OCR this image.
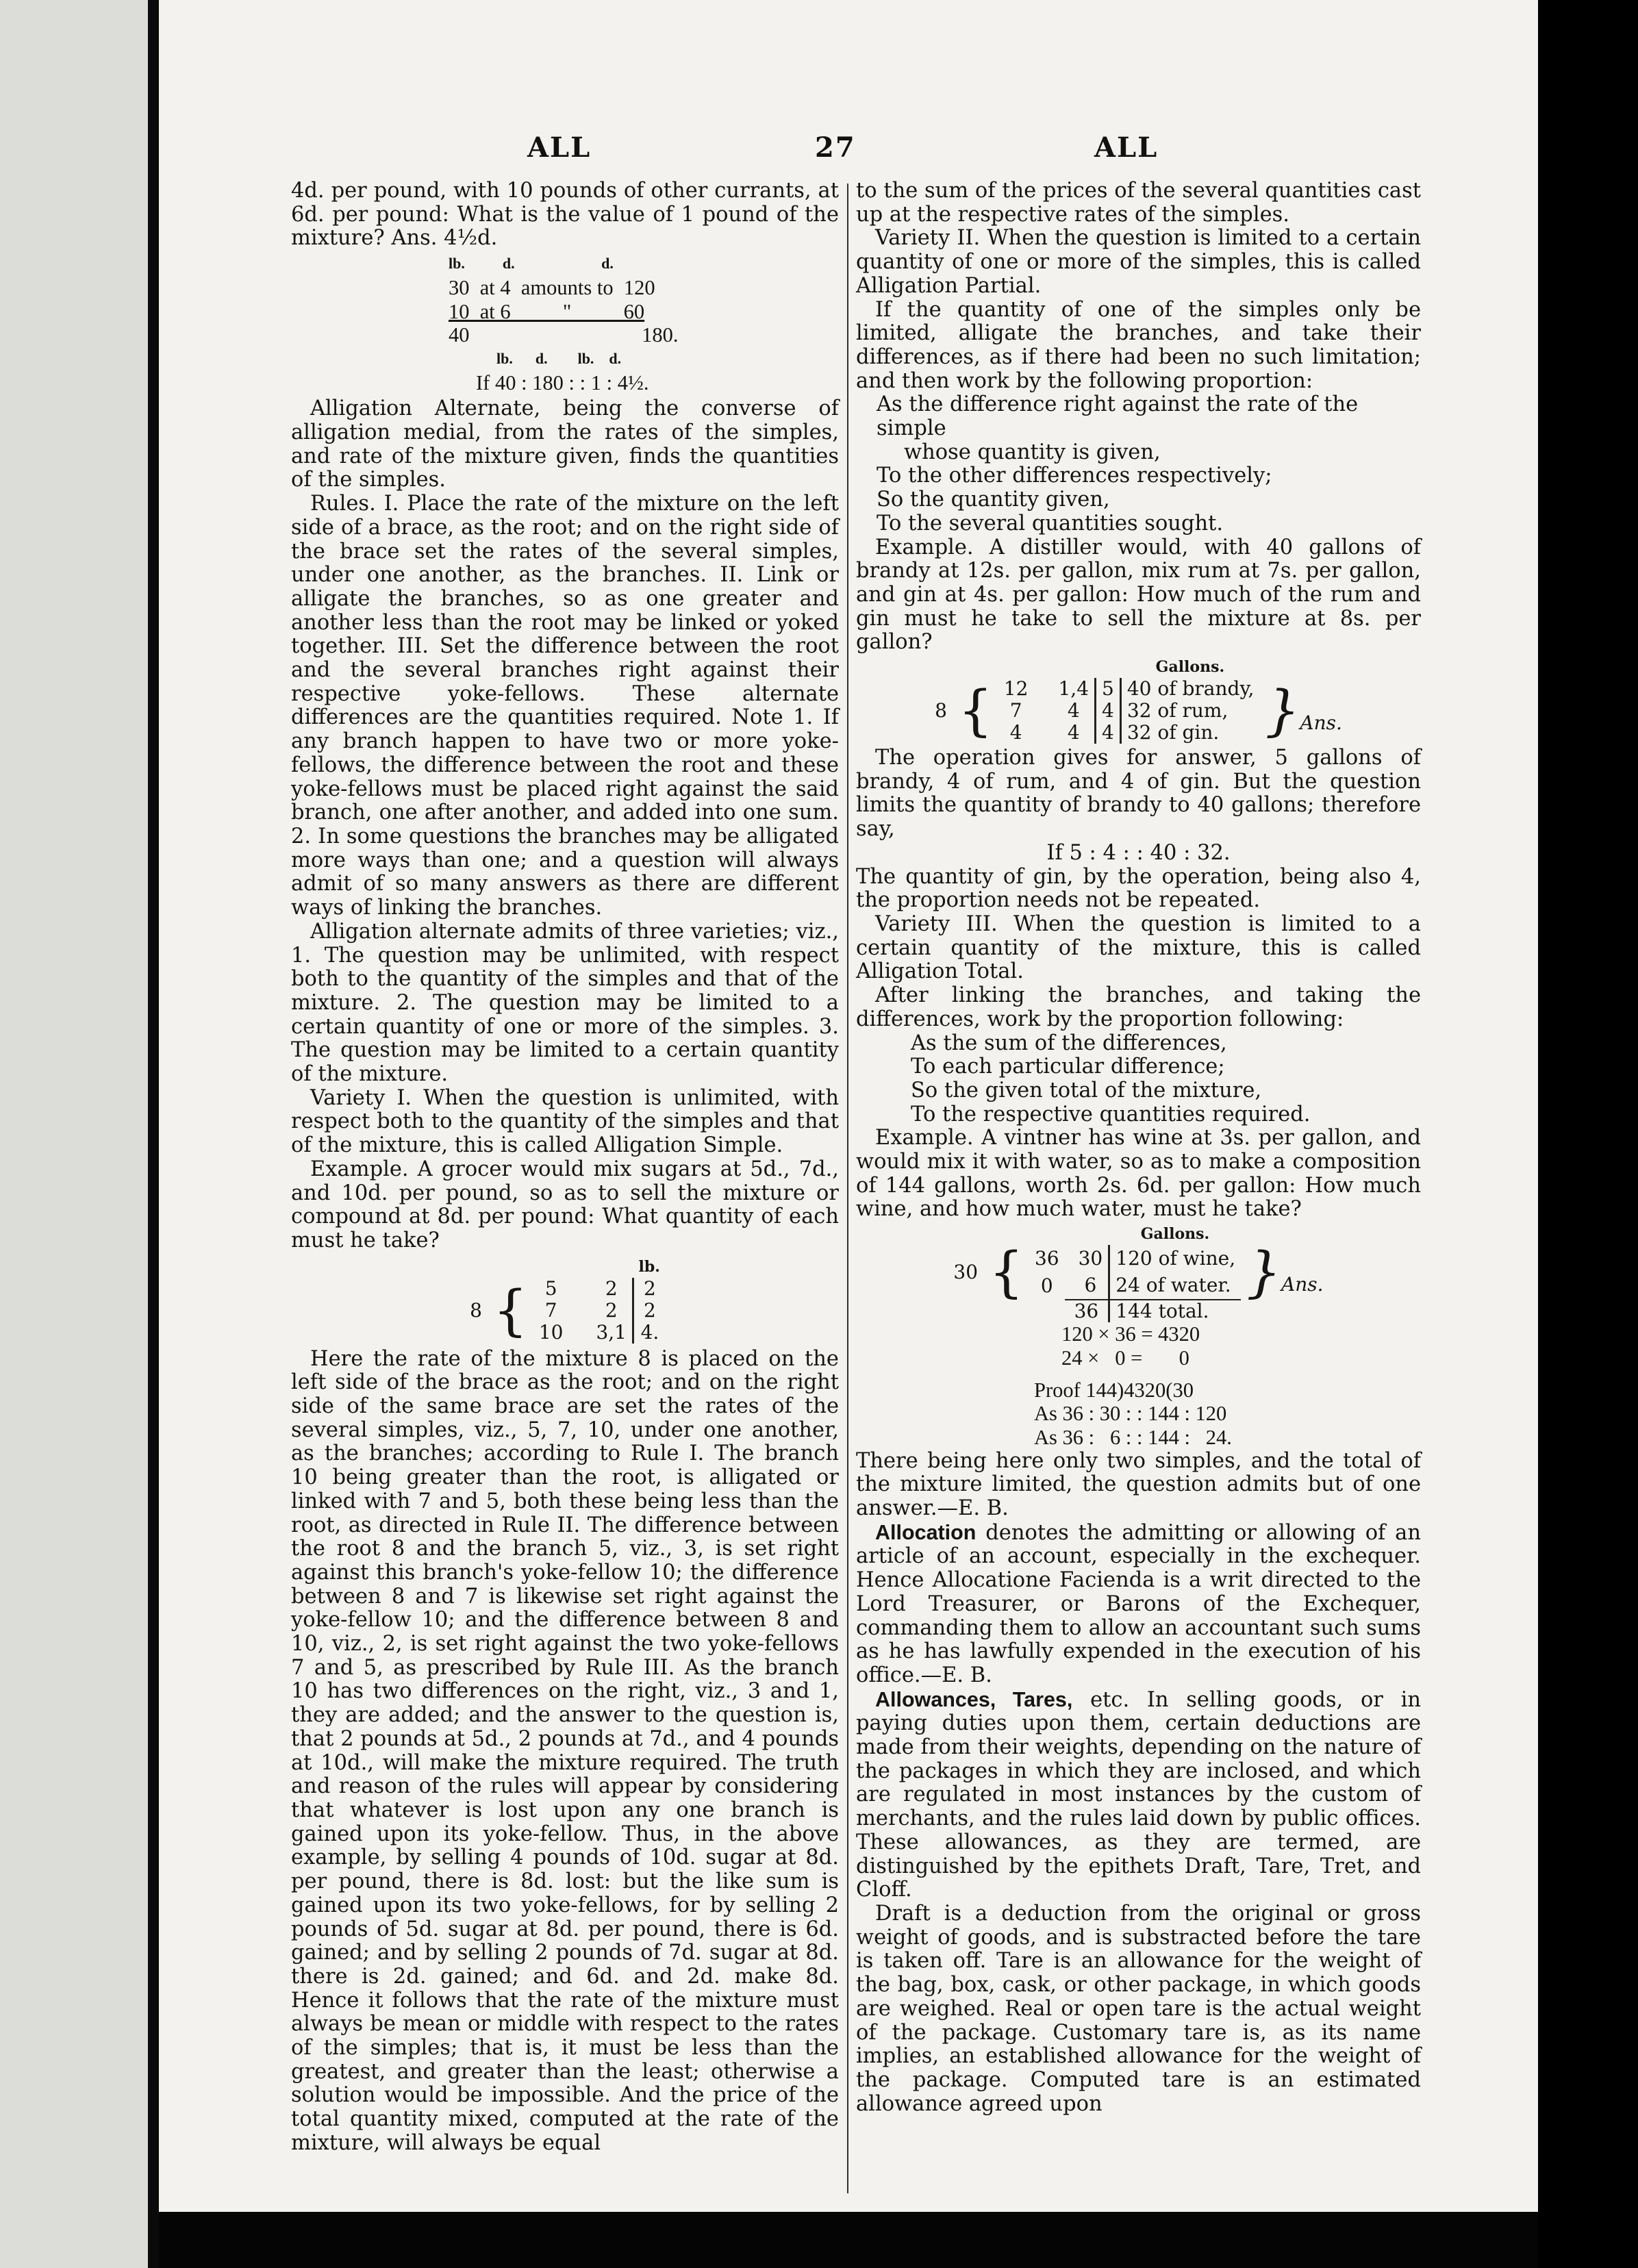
ALL	27	ALL

4d. per pound, with 10 pounds of other currants, at 6d. per pound: What is the value of 1 pound of the mixture? Ans. 4½d.

lb.          d.                       d.
30  at 4  amounts to  120
10  at 6          "          60
40                                 180.
lb.      d.        lb.    d.
If 40 : 180 : : 1 : 4½.

Alligation Alternate, being the converse of alligation medial, from the rates of the simples, and rate of the mixture given, finds the quantities of the simples.

Rules. I. Place the rate of the mixture on the left side of a brace, as the root; and on the right side of the brace set the rates of the several simples, under one another, as the branches. II. Link or alligate the branches, so as one greater and another less than the root may be linked or yoked together. III. Set the difference between the root and the several branches right against their respective yoke-fellows. These alternate differences are the quantities required. Note 1. If any branch happen to have two or more yoke-fellows, the difference between the root and these yoke-fellows must be placed right against the said branch, one after another, and added into one sum. 2. In some questions the branches may be alligated more ways than one; and a question will always admit of so many answers as there are different ways of linking the branches.

Alligation alternate admits of three varieties; viz., 1. The question may be unlimited, with respect both to the quantity of the simples and that of the mixture. 2. The question may be limited to a certain quantity of one or more of the simples. 3. The question may be limited to a certain quantity of the mixture.

Variety I. When the question is unlimited, with respect both to the quantity of the simples and that of the mixture, this is called Alligation Simple.

Example. A grocer would mix sugars at 5d., 7d., and 10d. per pound, so as to sell the mixture or compound at 8d. per pound: What quantity of each must he take?

				lb.
8	{	5	2	2
		7	2	2
		10	3,1	4.

Here the rate of the mixture 8 is placed on the left side of the brace as the root; and on the right side of the same brace are set the rates of the several simples, viz., 5, 7, 10, under one another, as the branches; according to Rule I. The branch 10 being greater than the root, is alligated or linked with 7 and 5, both these being less than the root, as directed in Rule II. The difference between the root 8 and the branch 5, viz., 3, is set right against this branch's yoke-fellow 10; the difference between 8 and 7 is likewise set right against the yoke-fellow 10; and the difference between 8 and 10, viz., 2, is set right against the two yoke-fellows 7 and 5, as prescribed by Rule III. As the branch 10 has two differences on the right, viz., 3 and 1, they are added; and the answer to the question is, that 2 pounds at 5d., 2 pounds at 7d., and 4 pounds at 10d., will make the mixture required. The truth and reason of the rules will appear by considering that whatever is lost upon any one branch is gained upon its yoke-fellow. Thus, in the above example, by selling 4 pounds of 10d. sugar at 8d. per pound, there is 8d. lost: but the like sum is gained upon its two yoke-fellows, for by selling 2 pounds of 5d. sugar at 8d. per pound, there is 6d. gained; and by selling 2 pounds of 7d. sugar at 8d. there is 2d. gained; and 6d. and 2d. make 8d. Hence it follows that the rate of the mixture must always be mean or middle with respect to the rates of the simples; that is, it must be less than the greatest, and greater than the least; otherwise a solution would be impossible. And the price of the total quantity mixed, computed at the rate of the mixture, will always be equal

to the sum of the prices of the several quantities cast up at the respective rates of the simples.

Variety II. When the question is limited to a certain quantity of one or more of the simples, this is called Alligation Partial.

If the quantity of one of the simples only be limited, alligate the branches, and take their differences, as if there had been no such limitation; and then work by the following proportion:

As the difference right against the rate of the simple
whose quantity is given,
To the other differences respectively;
So the quantity given,
To the several quantities sought.

Example. A distiller would, with 40 gallons of brandy at 12s. per gallon, mix rum at 7s. per gallon, and gin at 4s. per gallon: How much of the rum and gin must he take to sell the mixture at 8s. per gallon?

					Gallons.	
8	{	12	1,4	5	40 of brandy,	}Ans.
		7	4	4	32 of rum,	
		4	4	4	32 of gin.	

The operation gives for answer, 5 gallons of brandy, 4 of rum, and 4 of gin. But the question limits the quantity of brandy to 40 gallons; therefore say,

If 5 : 4 : : 40 : 32.

The quantity of gin, by the operation, being also 4, the proportion needs not be repeated.

Variety III. When the question is limited to a certain quantity of the mixture, this is called Alligation Total.

After linking the branches, and taking the differences, work by the proportion following:

As the sum of the differences,
To each particular difference;
So the given total of the mixture,
To the respective quantities required.

Example. A vintner has wine at 3s. per gallon, and would mix it with water, so as to make a composition of 144 gallons, worth 2s. 6d. per gallon: How much wine, and how much water, must he take?

				Gallons.	
30	{	36	30	120 of wine,	}Ans.
		0	6	24 of water.	
			36	144 total.	
120 × 36 = 4320
24 ×   0 =       0
Proof 144)4320(30
As 36 : 30 : : 144 : 120
As 36 :   6 : : 144 :   24.

There being here only two simples, and the total of the mixture limited, the question admits but of one answer.—E. B.

Allocation denotes the admitting or allowing of an article of an account, especially in the exchequer. Hence Allocatione Facienda is a writ directed to the Lord Treasurer, or Barons of the Exchequer, commanding them to allow an accountant such sums as he has lawfully expended in the execution of his office.—E. B.

Allowances, Tares, etc. In selling goods, or in paying duties upon them, certain deductions are made from their weights, depending on the nature of the packages in which they are inclosed, and which are regulated in most instances by the custom of merchants, and the rules laid down by public offices. These allowances, as they are termed, are distinguished by the epithets Draft, Tare, Tret, and Cloff.

Draft is a deduction from the original or gross weight of goods, and is substracted before the tare is taken off. Tare is an allowance for the weight of the bag, box, cask, or other package, in which goods are weighed. Real or open tare is the actual weight of the package. Customary tare is, as its name implies, an established allowance for the weight of the package. Computed tare is an estimated allowance agreed upon
